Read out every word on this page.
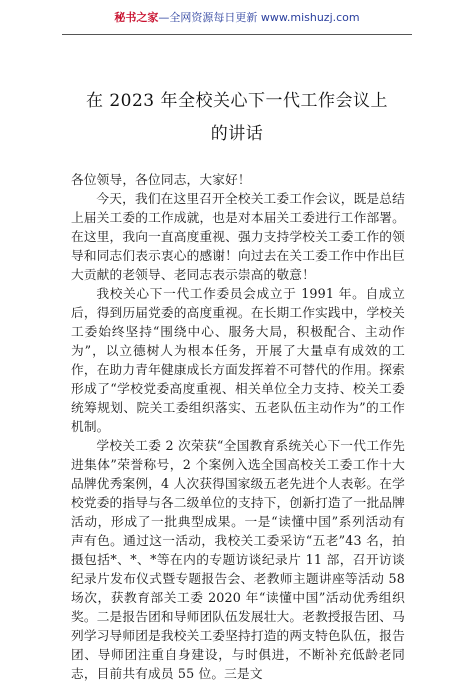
秘书之家—全网资源每日更新 www.mishuzj.com
在 2023 年全校关心下一代工作会议上
的讲话

各位领导，各位同志，大家好！

今天，我们在这里召开全校关工委工作会议，既是总结上届关工委的工作成就，也是对本届关工委进行工作部署。在这里，我向一直高度重视、强力支持学校关工委工作的领导和同志们表示衷心的感谢！向过去在关工委工作中作出巨大贡献的老领导、老同志表示崇高的敬意！

我校关心下一代工作委员会成立于 1991 年。自成立后，得到历届党委的高度重视。在长期工作实践中，学校关工委始终坚持“围绕中心、服务大局，积极配合、主动作为”，以立德树人为根本任务，开展了大量卓有成效的工作，在助力青年健康成长方面发挥着不可替代的作用。探索形成了“学校党委高度重视、相关单位全力支持、校关工委统筹规划、院关工委组织落实、五老队伍主动作为”的工作机制。

学校关工委 2 次荣获“全国教育系统关心下一代工作先进集体”荣誉称号，2 个案例入选全国高校关工委工作十大品牌优秀案例，4 人次获得国家级五老先进个人表彰。在学校党委的指导与各二级单位的支持下，创新打造了一批品牌活动，形成了一批典型成果。一是“读懂中国”系列活动有声有色。通过这一活动，我校关工委采访“五老”43 名，拍摄包括*、*、*等在内的专题访谈纪录片 11 部，召开访谈纪录片发布仪式暨专题报告会、老教师主题讲座等活动 58 场次，获教育部关工委 2020 年“读懂中国”活动优秀组织奖。二是报告团和导师团队伍发展壮大。老教授报告团、马列学习导师团是我校关工委坚持打造的两支特色队伍，报告团、导师团注重自身建设，与时俱进，不断补充低龄老同志，目前共有成员 55 位。三是文
